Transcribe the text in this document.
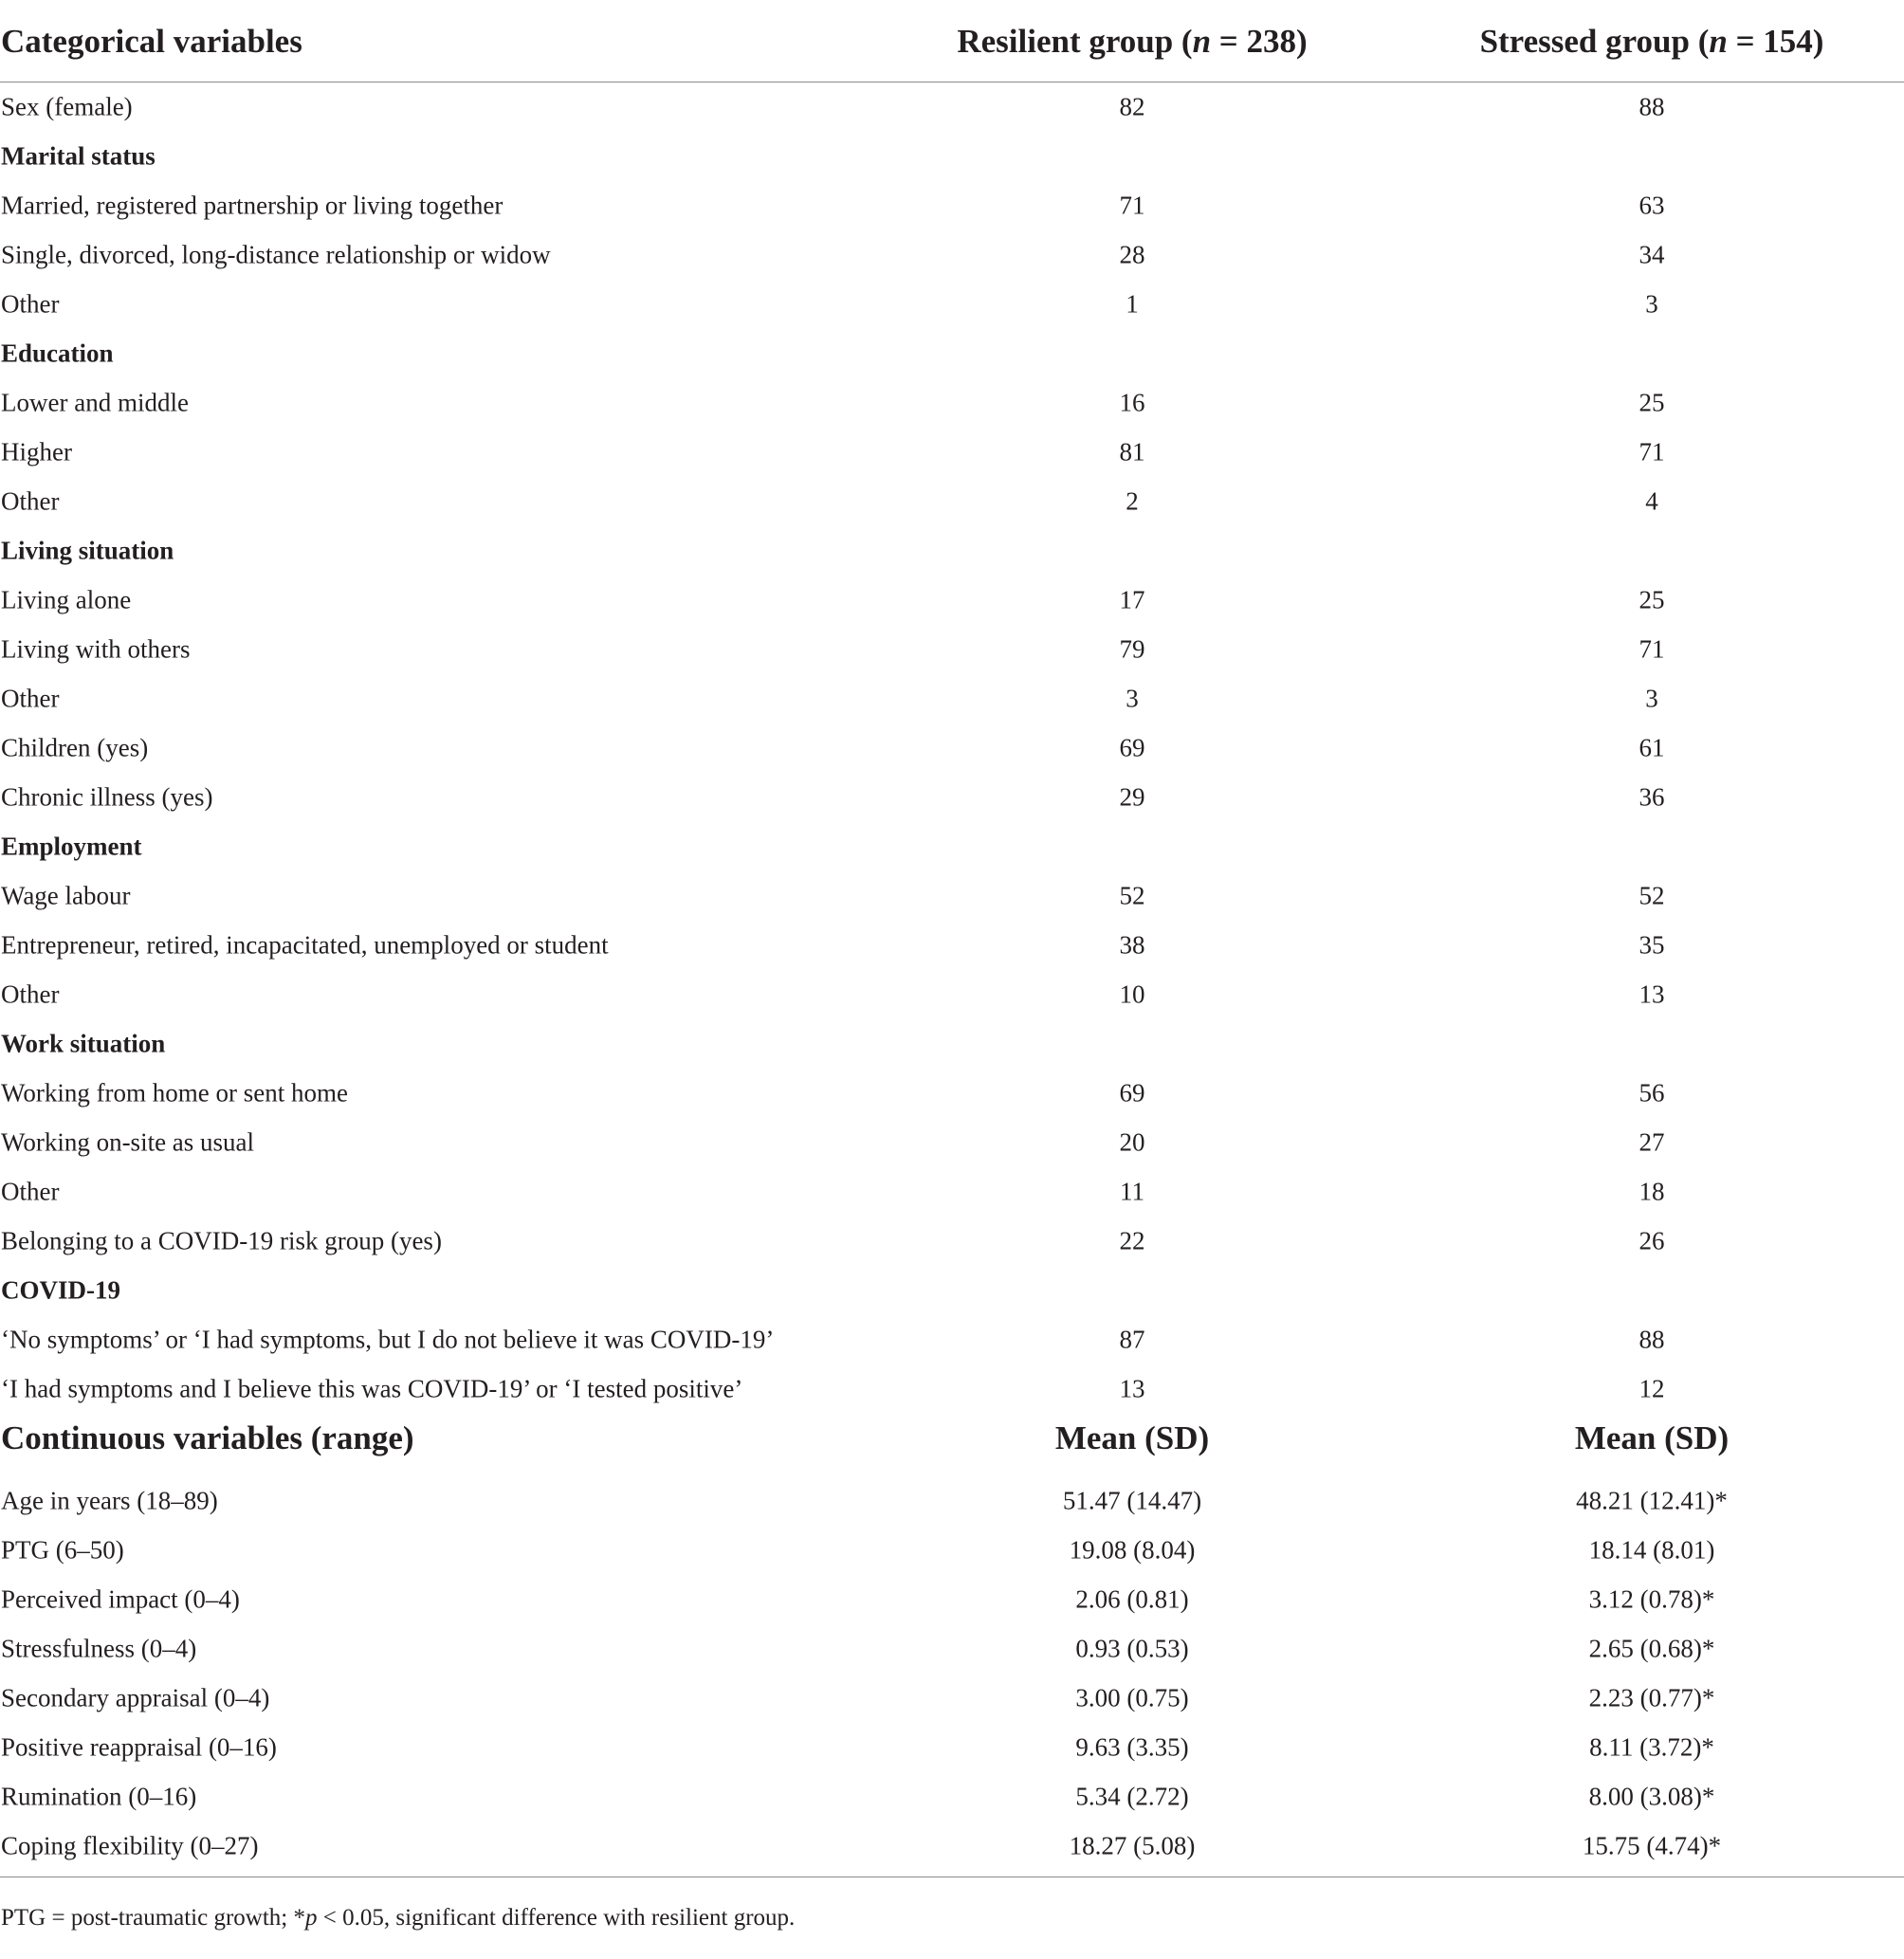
Categorical variables	Resilient group (n = 238)	Stressed group (n = 154)
Sex (female)	82	88
Marital status
Married, registered partnership or living together	71	63
Single, divorced, long-distance relationship or widow	28	34
Other	1	3
Education
Lower and middle	16	25
Higher	81	71
Other	2	4
Living situation
Living alone	17	25
Living with others	79	71
Other	3	3
Children (yes)	69	61
Chronic illness (yes)	29	36
Employment
Wage labour	52	52
Entrepreneur, retired, incapacitated, unemployed or student	38	35
Other	10	13
Work situation
Working from home or sent home	69	56
Working on-site as usual	20	27
Other	11	18
Belonging to a COVID-19 risk group (yes)	22	26
COVID-19
‘No symptoms’ or ‘I had symptoms, but I do not believe it was COVID-19’	87	88
‘I had symptoms and I believe this was COVID-19’ or ‘I tested positive’	13	12
Continuous variables (range)	Mean (SD)	Mean (SD)
Age in years (18–89)	51.47 (14.47)	48.21 (12.41)*
PTG (6–50)	19.08 (8.04)	18.14 (8.01)
Perceived impact (0–4)	2.06 (0.81)	3.12 (0.78)*
Stressfulness (0–4)	0.93 (0.53)	2.65 (0.68)*
Secondary appraisal (0–4)	3.00 (0.75)	2.23 (0.77)*
Positive reappraisal (0–16)	9.63 (3.35)	8.11 (3.72)*
Rumination (0–16)	5.34 (2.72)	8.00 (3.08)*
Coping flexibility (0–27)	18.27 (5.08)	15.75 (4.74)*
PTG = post-traumatic growth; *p < 0.05, significant difference with resilient group.
